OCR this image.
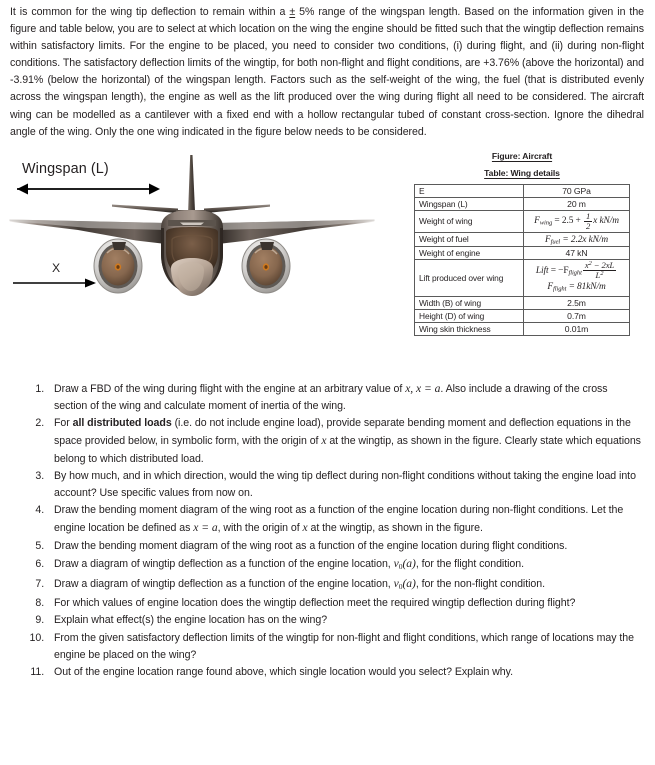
It is common for the wing tip deflection to remain within a ± 5% range of the wingspan length. Based on the information given in the figure and table below, you are to select at which location on the wing the engine should be fitted such that the wingtip deflection remains within satisfactory limits. For the engine to be placed, you need to consider two conditions, (i) during flight, and (ii) during non-flight conditions. The satisfactory deflection limits of the wingtip, for both non-flight and flight conditions, are +3.76% (above the horizontal) and -3.91% (below the horizontal) of the wingspan length. Factors such as the self-weight of the wing, the fuel (that is distributed evenly across the wingspan length), the engine as well as the lift produced over the wing during flight all need to be considered. The aircraft wing can be modelled as a cantilever with a fixed end with a hollow rectangular tubed of constant cross-section. Ignore the dihedral angle of the wing. Only the one wing indicated in the figure below needs to be considered.

Figure: Aircraft
Table: Wing details
E	70 GPa
Wingspan (L)	20 m
Weight of wing	$F_{wing} = 2.5 + \frac{1}{2}$ x kN/m
Weight of fuel	$F_{fuel} = 2.2x$ kN/m
Weight of engine	47 kN
Lift produced over wing	Lift = $-F_{flight} \frac{x^2 - 2xL}{L^2}$

$F_{flight} = 81kN/m$
Width (B) of wing	2.5m
Height (D) of wing	0.7m
Wing skin thickness	0.01m
Wingspan (L)
X
1. Draw a FBD of the wing during flight with the engine at an arbitrary value of x, x = a. Also include a drawing of the cross section of the wing and calculate moment of inertia of the wing.
2. For all distributed loads (i.e. do not include engine load), provide separate bending moment and deflection equations in the space provided below, in symbolic form, with the origin of x at the wingtip, as shown in the figure. Clearly state which equations belong to which distributed load.
3. By how much, and in which direction, would the wing tip deflect during non-flight conditions without taking the engine load into account? Use specific values from now on.
4. Draw the bending moment diagram of the wing root as a function of the engine location during non-flight conditions. Let the engine location be defined as x = a, with the origin of x at the wingtip, as shown in the figure.
5. Draw the bending moment diagram of the wing root as a function of the engine location during flight conditions.
6. Draw a diagram of wingtip deflection as a function of the engine location, v0(a), for the flight condition.
7. Draw a diagram of wingtip deflection as a function of the engine location, v0(a), for the non-flight condition.
8. For which values of engine location does the wingtip deflection meet the required wingtip deflection during flight?
9. Explain what effect(s) the engine location has on the wing?
10. From the given satisfactory deflection limits of the wingtip for non-flight and flight conditions, which range of locations may the engine be placed on the wing?
11. Out of the engine location range found above, which single location would you select? Explain why.
